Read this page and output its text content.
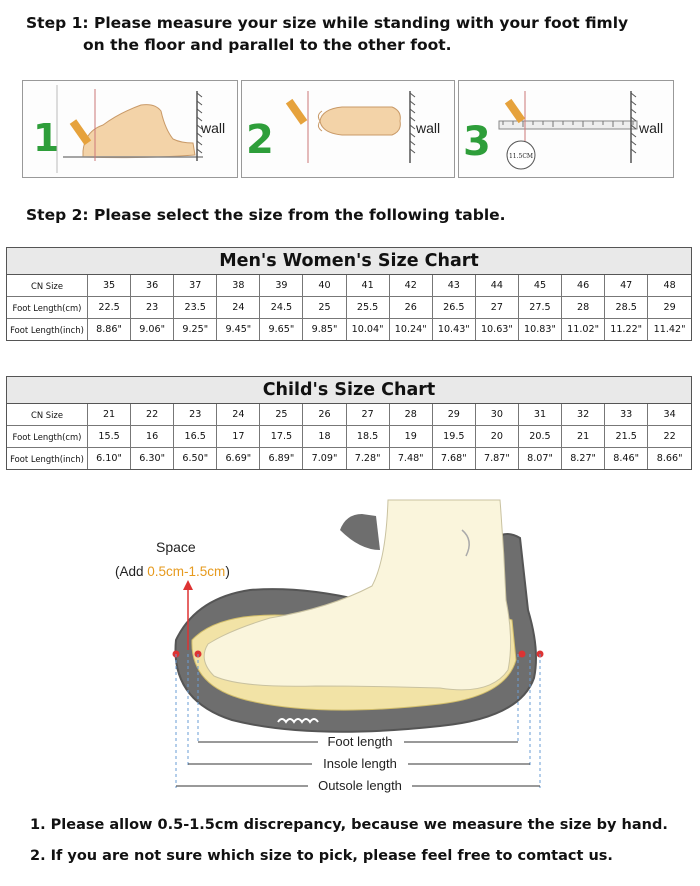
Step 1: Please measure your size while standing with your foot fimly
on the floor and parallel to the other foot.
1	wall 2	wall 3	11.5CM
wall
Step 2: Please select the size from the following table.
Men's Women's Size Chart
CN Size	35	36	37	38	39	40	41	42	43	44	45	46	47	48
Foot Length(cm)	22.5	23	23.5	24	24.5	25	25.5	26	26.5	27	27.5	28	28.5	29
Foot Length(inch)	8.86"	9.06"	9.25"	9.45"	9.65"	9.85"	10.04"	10.24"	10.43"	10.63"	10.83"	11.02"	11.22"	11.42"
Child's Size Chart
CN Size	21	22	23	24	25	26	27	28	29	30	31	32	33	34
Foot Length(cm)	15.5	16	16.5	17	17.5	18	18.5	19	19.5	20	20.5	21	21.5	22
Foot Length(inch)	6.10"	6.30"	6.50"	6.69"	6.89"	7.09"	7.28"	7.48"	7.68"	7.87"	8.07"	8.27"	8.46"	8.66"
Space
(Add 0.5cm-1.5cm)
Foot length
Insole length
Outsole length
1. Please allow 0.5-1.5cm discrepancy, because we measure the size by hand.
2. If you are not sure which size to pick, please feel free to comtact us.
